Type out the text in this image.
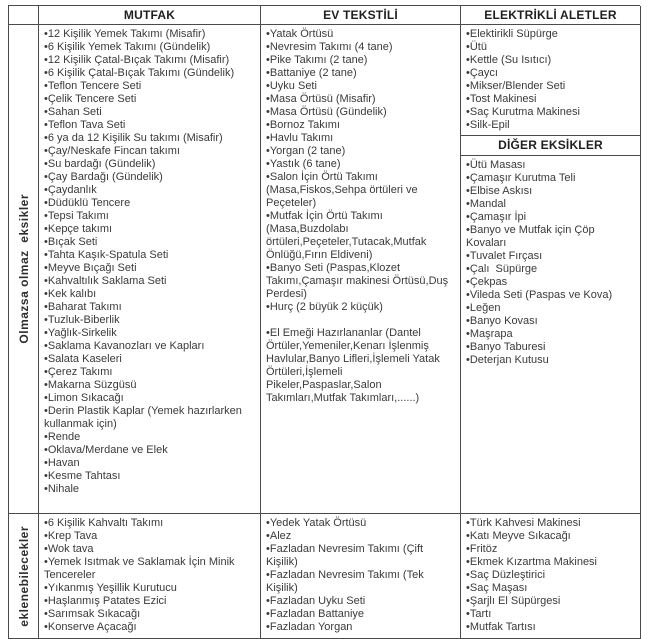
MUTFAK	EV TEKSTİLİ	ELEKTRİKLİ ALETLER
Olmazsa olmaz  eksikler
• 12 Kişilik Yemek Takımı (Misafir)
• 6 Kişilik Yemek Takımı (Gündelik)
• 12 Kişilik Çatal-Bıçak Takımı (Misafir)
• 6 Kişilik Çatal-Bıçak Takımı (Gündelik)
• Teflon Tencere Seti
• Çelik Tencere Seti
• Sahan Seti
• Teflon Tava Seti
• 6 ya da 12 Kişilik Su takımı (Misafir)
• Çay/Neskafe Fincan takımı
• Su bardağı (Gündelik)
• Çay Bardağı (Gündelik)
• Çaydanlık
• Düdüklü Tencere
• Tepsi Takımı
• Kepçe takımı
• Bıçak Seti
• Tahta Kaşık-Spatula Seti
• Meyve Bıçağı Seti
• Kahvaltılık Saklama Seti
• Kek kalıbı
• Baharat Takımı
• Tuzluk-Biberlik
• Yağlık-Sirkelik
• Saklama Kavanozları ve Kapları
• Salata Kaseleri
• Çerez Takımı
• Makarna Süzgüsü
• Limon Sıkacağı
• Derin Plastik Kaplar (Yemek hazırlarken kullanmak için)
• Rende
• Oklava/Merdane ve Elek
• Havan
• Kesme Tahtası
• Nihale
• Yatak Örtüsü
• Nevresim Takımı (4 tane)
• Pike Takımı (2 tane)
• Battaniye (2 tane)
• Uyku Seti
• Masa Örtüsü (Misafir)
• Masa Örtüsü (Gündelik)
• Bornoz Takımı
• Havlu Takımı
• Yorgan (2 tane)
• Yastık (6 tane)
• Salon İçin Örtü Takımı (Masa,Fiskos,Sehpa örtüleri ve Peçeteler)
• Mutfak İçin Örtü Takımı (Masa,Buzdolabı örtüleri,Peçeteler,Tutacak,Mutfak Önlüğü,Fırın Eldiveni)
• Banyo Seti (Paspas,Klozet Takımı,Çamaşır makinesi Örtüsü,Duş Perdesi)
• Hurç (2 büyük 2 küçük)
• El Emeği Hazırlananlar (Dantel Örtüler,Yemeniler,Kenarı İşlenmiş Havlular,Banyo Lifleri,İşlemeli Yatak Örtüleri,İşlemeli Pikeler,Paspaslar,Salon Takımları,Mutfak Takımları,......)
• Elektirikli Süpürge
• Ütü
• Kettle (Su Isıtıcı)
• Çaycı
• Mikser/Blender Seti
• Tost Makinesi
• Saç Kurutma Makinesi
• Silk-Epil
DİĞER EKSİKLER
• Ütü Masası
• Çamaşır Kurutma Teli
• Elbise Askısı
• Mandal
• Çamaşır İpi
• Banyo ve Mutfak için Çöp Kovaları
• Tuvalet Fırçası
• Çalı  Süpürge
• Çekpas
• Vileda Seti (Paspas ve Kova)
• Leğen
• Banyo Kovası
• Maşrapa
• Banyo Taburesi
• Deterjan Kutusu
eklenebilecekler
• 6 Kişilik Kahvaltı Takımı
• Krep Tava
• Wok tava
• Yemek Isıtmak ve Saklamak İçin Minik Tencereler
• Yıkanmış Yeşillik Kurutucu
• Haşlanmış Patates Ezici
• Sarımsak Sıkacağı
• Konserve Açacağı
• Yedek Yatak Örtüsü
• Alez
• Fazladan Nevresim Takımı (Çift Kişilik)
• Fazladan Nevresim Takımı (Tek Kişilik)
• Fazladan Uyku Seti
• Fazladan Battaniye
• Fazladan Yorgan
• Türk Kahvesi Makinesi
• Katı Meyve Sıkacağı
• Fritöz
• Ekmek Kızartma Makinesi
• Saç Düzleştirici
• Saç Maşası
• Şarjlı El Süpürgesi
• Tartı
• Mutfak Tartısı
